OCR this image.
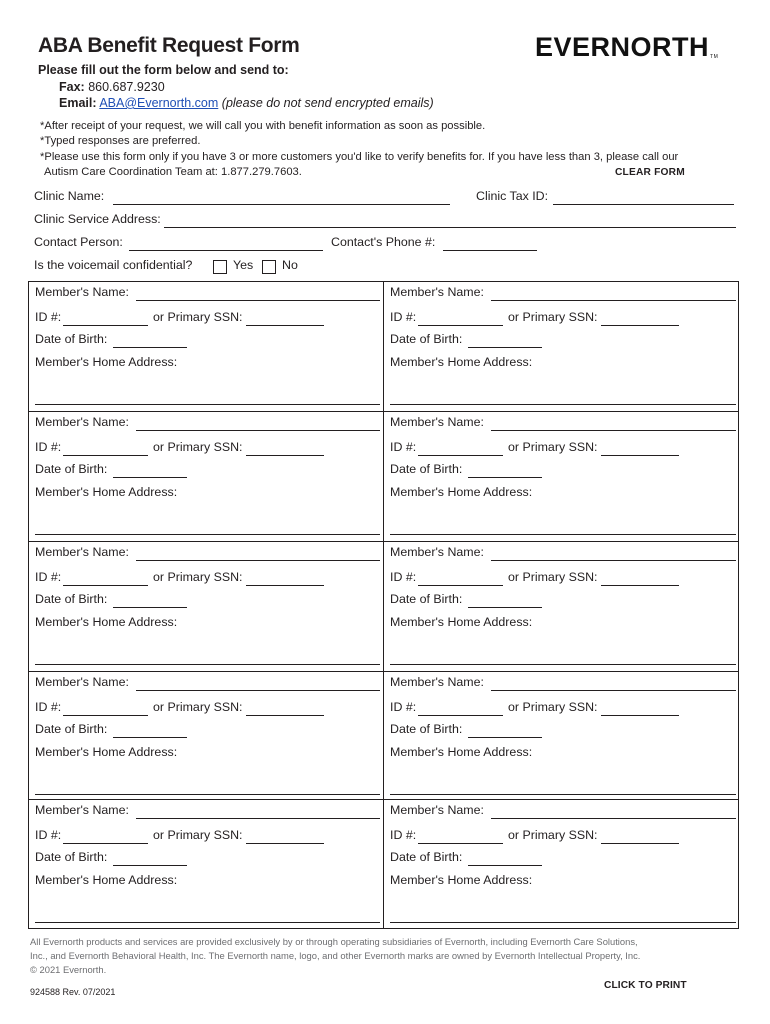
ABA Benefit Request Form	EVERNORTHTM
Please fill out the form below and send to:
Fax: 860.687.9230
Email: ABA@Evernorth.com (please do not send encrypted emails)
*After receipt of your request, we will call you with benefit information as soon as possible.
*Typed responses are preferred.
*Please use this form only if you have 3 or more customers you'd like to verify benefits for. If you have less than 3, please call our
Autism Care Coordination Team at: 1.877.279.7603.	CLEAR FORM
Clinic Name:	Clinic Tax ID:
Clinic Service Address:
Contact Person:	Contact's Phone #:
Is the voicemail confidential?	Yes No
Member's Name:
ID #:	or Primary SSN:
Date of Birth:
Member's Home Address:
Member's Name:
ID #:	or Primary SSN:
Date of Birth:
Member's Home Address:
Member's Name:
ID #:	or Primary SSN:
Date of Birth:
Member's Home Address:
Member's Name:
ID #:	or Primary SSN:
Date of Birth:
Member's Home Address:
Member's Name:
ID #:	or Primary SSN:
Date of Birth:
Member's Home Address:
Member's Name:
ID #:	or Primary SSN:
Date of Birth:
Member's Home Address:
Member's Name:
ID #:	or Primary SSN:
Date of Birth:
Member's Home Address:
Member's Name:
ID #:	or Primary SSN:
Date of Birth:
Member's Home Address:
Member's Name:
ID #:	or Primary SSN:
Date of Birth:
Member's Home Address:
Member's Name:
ID #:	or Primary SSN:
Date of Birth:
Member's Home Address:
All Evernorth products and services are provided exclusively by or through operating subsidiaries of Evernorth, including Evernorth Care Solutions,
Inc., and Evernorth Behavioral Health, Inc. The Evernorth name, logo, and other Evernorth marks are owned by Evernorth Intellectual Property, Inc.
© 2021 Evernorth.
924588 Rev. 07/2021
CLICK TO PRINT
